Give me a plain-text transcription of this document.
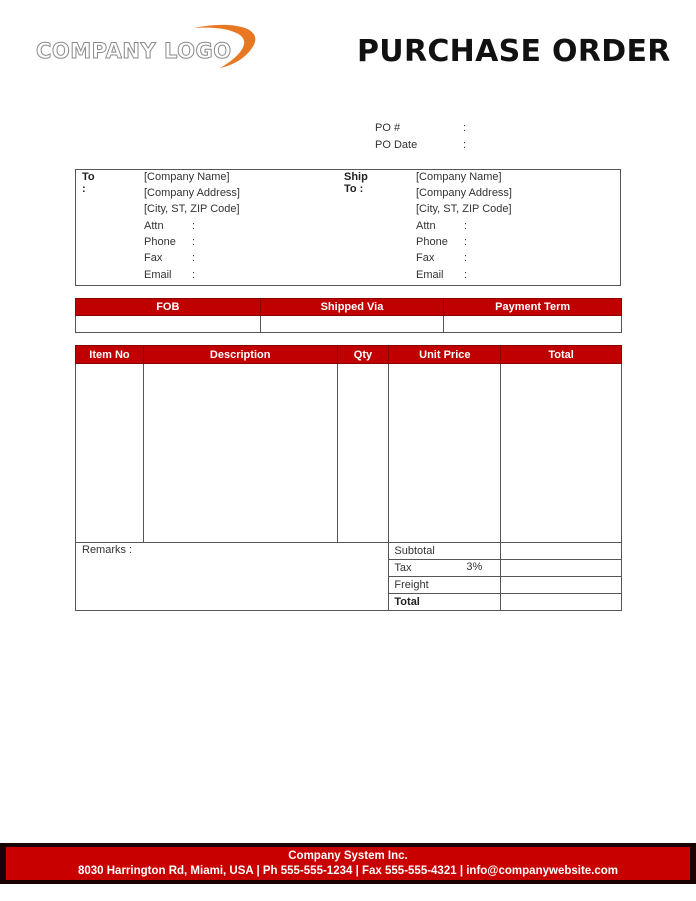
COMPANY LOGO	PURCHASE ORDER
PO #	:
PO Date	:
To :
[Company Name]
[Company Address]
[City, ST, ZIP Code]
Attn	:
Phone :
Fax	:
Email :
Ship To :
[Company Name]
[Company Address]
[City, ST, ZIP Code]
Attn	:
Phone :
Fax	:
Email :
FOB	Shipped Via	Payment Term

Item No	Description	Qty	Unit Price	Total

Remarks :			Subtotal	
			Tax 3%	

			Freight	
			Total	
Company System Inc.
8030 Harrington Rd, Miami, USA | Ph 555-555-1234 | Fax 555-555-4321 | info@companywebsite.com
